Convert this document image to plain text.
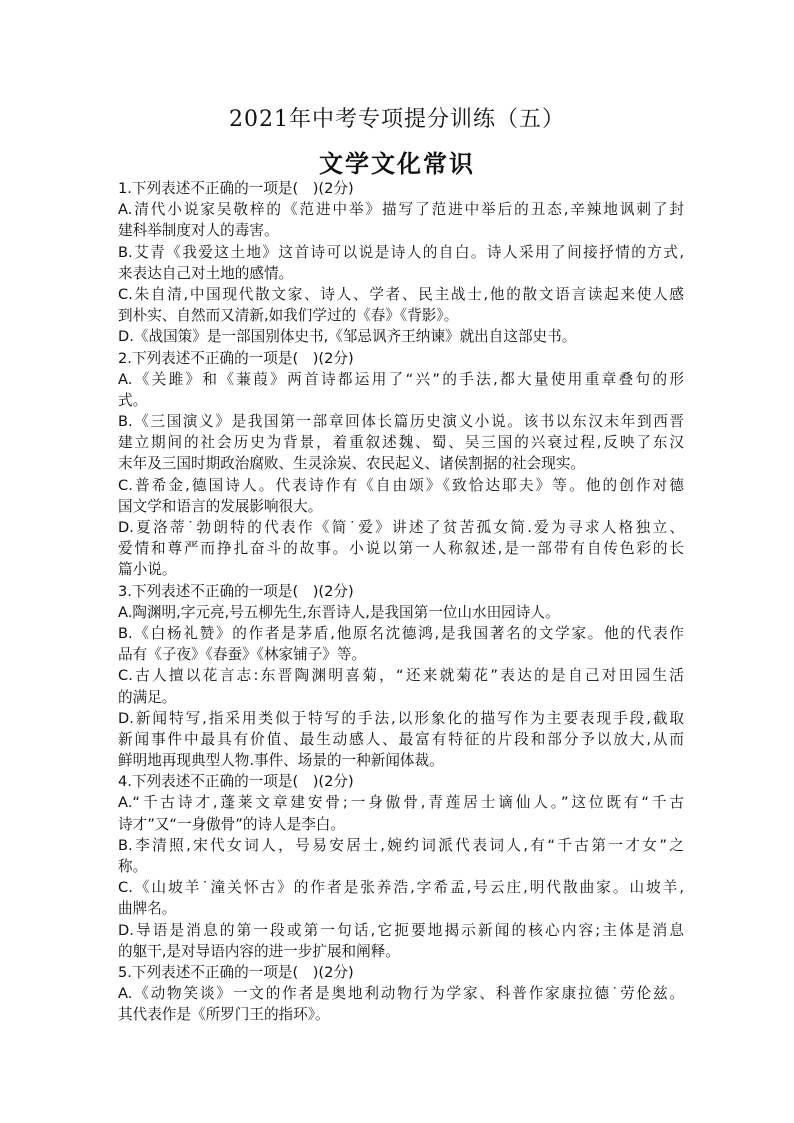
2021年中考专项提分训练（五）
文学文化常识
1.下列表述不正确的一项是(　)(2分)
A.清代小说家吴敬梓的《范进中举》描写了范进中举后的丑态,辛辣地讽刺了封
建科举制度对人的毒害。
B.艾青《我爱这土地》这首诗可以说是诗人的自白。诗人采用了间接抒情的方式,
来表达自己对土地的感情。
C.朱自清,中国现代散文家、诗人、学者、民主战士,他的散文语言读起来使人感
到朴实、自然而又清新,如我们学过的《春》《背影》。
D.《战国策》是一部国别体史书,《邹忌讽齐王纳谏》就出自这部史书。
2.下列表述不正确的一项是(　)(2分)
A.《关雎》和《蒹葭》两首诗都运用了“兴”的手法,都大量使用重章叠句的形
式。
B.《三国演义》是我国第一部章回体长篇历史演义小说。该书以东汉末年到西晋
建立期间的社会历史为背景，着重叙述魏、蜀、吴三国的兴衰过程,反映了东汉
末年及三国时期政治腐败、生灵涂炭、农民起义、诸侯割据的社会现实。
C.普希金,德国诗人。代表诗作有《自由颂》《致恰达耶夫》等。他的创作对德
国文学和语言的发展影响很大。
D.夏洛蒂˙勃朗特的代表作《简˙爱》讲述了贫苦孤女简.爱为寻求人格独立、
爱情和尊严而挣扎奋斗的故事。小说以第一人称叙述,是一部带有自传色彩的长
篇小说。
3.下列表述不正确的一项是(　)(2分)
A.陶渊明,字元亮,号五柳先生,东晋诗人,是我国第一位山水田园诗人。
B.《白杨礼赞》的作者是茅盾,他原名沈德鸿,是我国著名的文学家。他的代表作
品有《子夜》《春蚕》《林家铺子》等。
C.古人擅以花言志:东晋陶渊明喜菊，“还来就菊花”表达的是自己对田园生活
的满足。
D.新闻特写,指采用类似于特写的手法,以形象化的描写作为主要表现手段,截取
新闻事件中最具有价值、最生动感人、最富有特征的片段和部分予以放大,从而
鲜明地再现典型人物.事件、场景的一种新闻体裁。
4.下列表述不正确的一项是(　)(2分)
A.“千古诗才,蓬莱文章建安骨;一身傲骨,青莲居士谪仙人。”这位既有“千古
诗才”又“一身傲骨”的诗人是李白。
B.李清照,宋代女词人，号易安居士,婉约词派代表词人,有“千古第一才女”之
称。
C.《山坡羊˙潼关怀古》的作者是张养浩,字希孟,号云庄,明代散曲家。山坡羊,
曲牌名。
D.导语是消息的第一段或第一句话,它扼要地揭示新闻的核心内容;主体是消息
的躯干,是对导语内容的进一步扩展和阐释。
5.下列表述不正确的一项是(　)(2分)
A.《动物笑谈》一文的作者是奥地利动物行为学家、科普作家康拉德˙劳伦兹。
其代表作是《所罗门王的指环》。
